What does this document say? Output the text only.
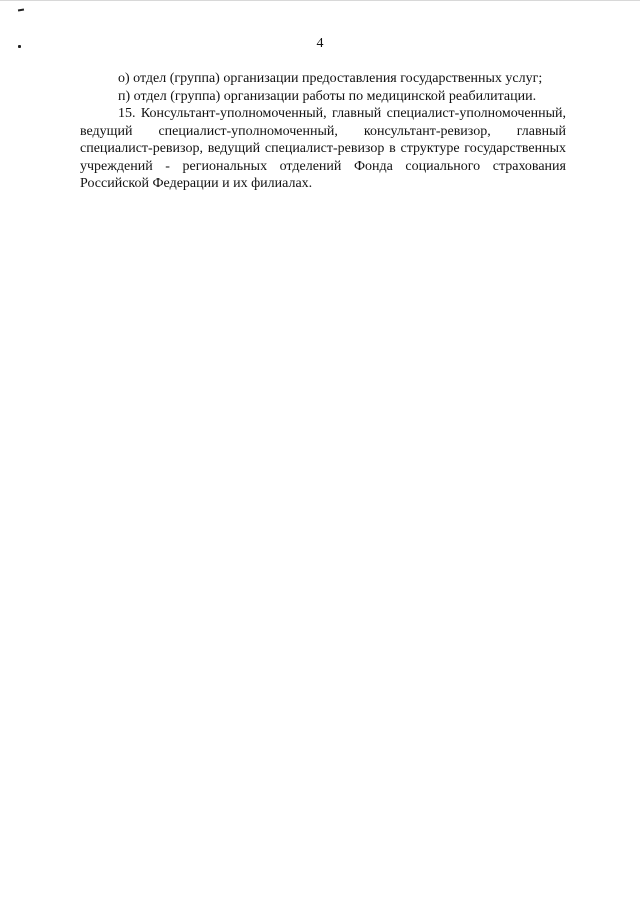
4

о) отдел (группа) организации предоставления государственных услуг;

п) отдел (группа) организации работы по медицинской реабилитации.

15. Консультант-уполномоченный, главный специалист-уполномоченный, ведущий специалист-уполномоченный, консультант-ревизор, главный специалист-ревизор, ведущий специалист-ревизор в структуре государственных учреждений - региональных отделений Фонда социального страхования Российской Федерации и их филиалах.
